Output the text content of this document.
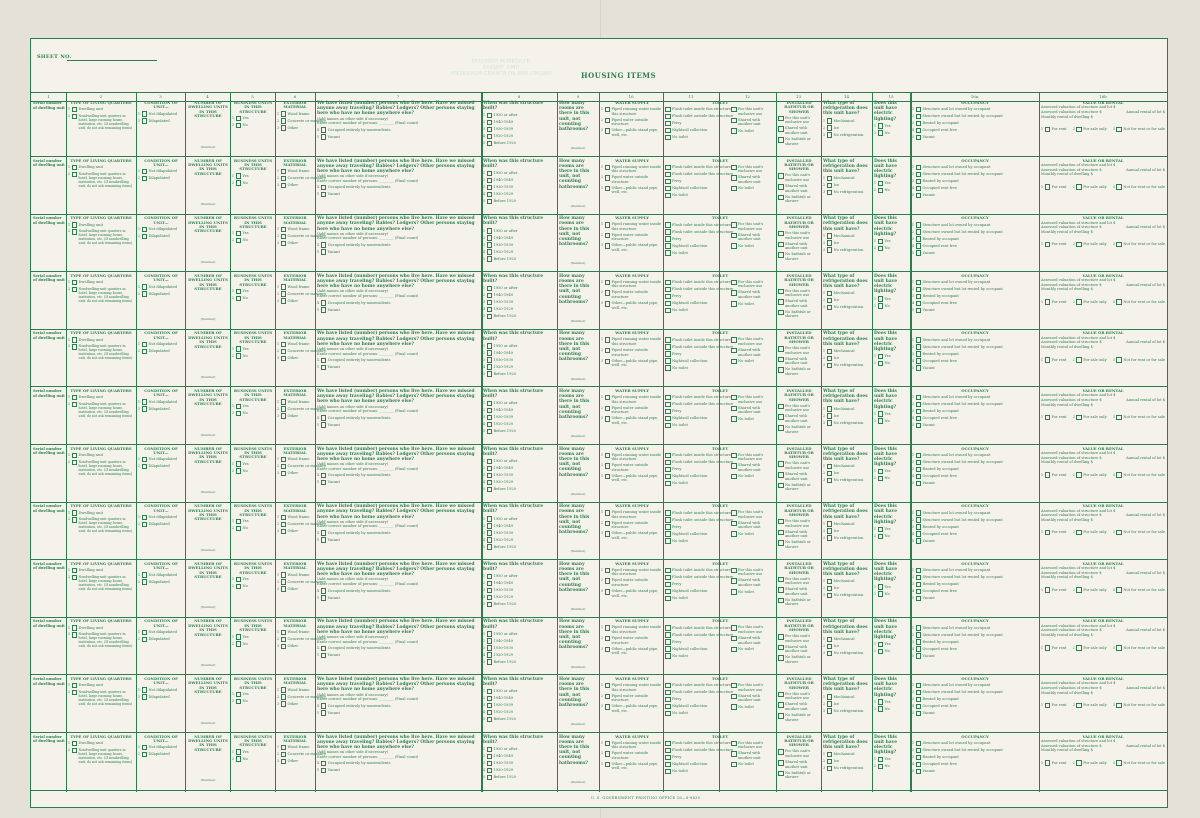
SHEET NO.
SIXTEENTH CENSUS OF THE UNITED STATES: 1940
HOUSING SCHEDULE
HOUSING ITEMS
1	2	3	4	5	6	7	8	9	10	11	12	13	14	15	16a	16b
Serial number of dwelling unit
TYPE OF LIVING QUARTERS
1 Dwelling unit
2	Nondwelling-unit quarters in hotel, large rooming house, institution, etc. (If nondwelling unit, do not ask remaining items)
CONDITION OF UNIT—
1 Not dilapidated
2 Dilapidated
NUMBER OF DWELLING UNITS IN THIS STRUCTURE
(Number)
BUSINESS UNITS IN THIS STRUCTURE
1 Yes
2 No
EXTERIOR MATERIAL
1 Wood frame
2 Concrete or masonry
3 Other
We have listed (number) persons who live here. Have we missed anyone away traveling? Babies? Lodgers? Other persons staying here who have no home anywhere else?
(Add names on other side if necessary)
Enter correct number of persons: ________ (Final count)
X Occupied entirely by nonresidents
Y Vacant
When was this structure built?
1 1950 or after
2 1940-1949
3 1930-1939
4 1920-1929
5 Before 1920
How many rooms are there in this unit, not counting bathrooms?
(Number)
WATER SUPPLY
1 Piped running water inside this structure
2 Piped water outside structure
3 Other—public stand pipe, well, etc.
TOILET
Flush toilet inside this structure
Flush toilet outside this structure
Privy
Nightsoil collection
No toilet
For this unit's exclusive use
Shared with another unit
No toilet
INSTALLED BATHTUB OR SHOWER
For this unit's exclusive use
Shared with another unit
No bathtub or shower
What type of refrigeration does this unit have?
1 Mechanical
2 Ice
3 No refrigeration
Does this unit have electric lighting?
1 Yes
2 No
OCCUPANCY
1 Structure and lot owned by occupant
2 Structure owned but lot rented by occupant
3 Rented by occupant
4 Occupied rent free
5 Vacant
VALUE OR RENTAL
Assessed valuation of structure and lot $
Assessed valuation of structure $	Annual rental of lot $
Monthly rental of dwelling $
1 For rent 2 For sale only 3 Not for rent or for sale
Serial number of dwelling unit
TYPE OF LIVING QUARTERS
1 Dwelling unit
2	Nondwelling-unit quarters in hotel, large rooming house, institution, etc. (If nondwelling unit, do not ask remaining items)
CONDITION OF UNIT—
1 Not dilapidated
2 Dilapidated
NUMBER OF DWELLING UNITS IN THIS STRUCTURE
(Number)
BUSINESS UNITS IN THIS STRUCTURE
1 Yes
2 No
EXTERIOR MATERIAL
1 Wood frame
2 Concrete or masonry
3 Other
We have listed (number) persons who live here. Have we missed anyone away traveling? Babies? Lodgers? Other persons staying here who have no home anywhere else?
(Add names on other side if necessary)
Enter correct number of persons: ________ (Final count)
X Occupied entirely by nonresidents
Y Vacant
When was this structure built?
1 1950 or after
2 1940-1949
3 1930-1939
4 1920-1929
5 Before 1920
How many rooms are there in this unit, not counting bathrooms?
(Number)
WATER SUPPLY
1 Piped running water inside this structure
2 Piped water outside structure
3 Other—public stand pipe, well, etc.
TOILET
Flush toilet inside this structure
Flush toilet outside this structure
Privy
Nightsoil collection
No toilet
For this unit's exclusive use
Shared with another unit
No toilet
INSTALLED BATHTUB OR SHOWER
For this unit's exclusive use
Shared with another unit
No bathtub or shower
What type of refrigeration does this unit have?
1 Mechanical
2 Ice
3 No refrigeration
Does this unit have electric lighting?
1 Yes
2 No
OCCUPANCY
1 Structure and lot owned by occupant
2 Structure owned but lot rented by occupant
3 Rented by occupant
4 Occupied rent free
5 Vacant
VALUE OR RENTAL
Assessed valuation of structure and lot $
Assessed valuation of structure $	Annual rental of lot $
Monthly rental of dwelling $
1 For rent 2 For sale only 3 Not for rent or for sale
Serial number of dwelling unit
TYPE OF LIVING QUARTERS
1 Dwelling unit
2	Nondwelling-unit quarters in hotel, large rooming house, institution, etc. (If nondwelling unit, do not ask remaining items)
CONDITION OF UNIT—
1 Not dilapidated
2 Dilapidated
NUMBER OF DWELLING UNITS IN THIS STRUCTURE
(Number)
BUSINESS UNITS IN THIS STRUCTURE
1 Yes
2 No
EXTERIOR MATERIAL
1 Wood frame
2 Concrete or masonry
3 Other
We have listed (number) persons who live here. Have we missed anyone away traveling? Babies? Lodgers? Other persons staying here who have no home anywhere else?
(Add names on other side if necessary)
Enter correct number of persons: ________ (Final count)
X Occupied entirely by nonresidents
Y Vacant
When was this structure built?
1 1950 or after
2 1940-1949
3 1930-1939
4 1920-1929
5 Before 1920
How many rooms are there in this unit, not counting bathrooms?
(Number)
WATER SUPPLY
1 Piped running water inside this structure
2 Piped water outside structure
3 Other—public stand pipe, well, etc.
TOILET
Flush toilet inside this structure
Flush toilet outside this structure
Privy
Nightsoil collection
No toilet
For this unit's exclusive use
Shared with another unit
No toilet
INSTALLED BATHTUB OR SHOWER
For this unit's exclusive use
Shared with another unit
No bathtub or shower
What type of refrigeration does this unit have?
1 Mechanical
2 Ice
3 No refrigeration
Does this unit have electric lighting?
1 Yes
2 No
OCCUPANCY
1 Structure and lot owned by occupant
2 Structure owned but lot rented by occupant
3 Rented by occupant
4 Occupied rent free
5 Vacant
VALUE OR RENTAL
Assessed valuation of structure and lot $
Assessed valuation of structure $	Annual rental of lot $
Monthly rental of dwelling $
1 For rent 2 For sale only 3 Not for rent or for sale
Serial number of dwelling unit
TYPE OF LIVING QUARTERS
1 Dwelling unit
2	Nondwelling-unit quarters in hotel, large rooming house, institution, etc. (If nondwelling unit, do not ask remaining items)
CONDITION OF UNIT—
1 Not dilapidated
2 Dilapidated
NUMBER OF DWELLING UNITS IN THIS STRUCTURE
(Number)
BUSINESS UNITS IN THIS STRUCTURE
1 Yes
2 No
EXTERIOR MATERIAL
1 Wood frame
2 Concrete or masonry
3 Other
We have listed (number) persons who live here. Have we missed anyone away traveling? Babies? Lodgers? Other persons staying here who have no home anywhere else?
(Add names on other side if necessary)
Enter correct number of persons: ________ (Final count)
X Occupied entirely by nonresidents
Y Vacant
When was this structure built?
1 1950 or after
2 1940-1949
3 1930-1939
4 1920-1929
5 Before 1920
How many rooms are there in this unit, not counting bathrooms?
(Number)
WATER SUPPLY
1 Piped running water inside this structure
2 Piped water outside structure
3 Other—public stand pipe, well, etc.
TOILET
Flush toilet inside this structure
Flush toilet outside this structure
Privy
Nightsoil collection
No toilet
For this unit's exclusive use
Shared with another unit
No toilet
INSTALLED BATHTUB OR SHOWER
For this unit's exclusive use
Shared with another unit
No bathtub or shower
What type of refrigeration does this unit have?
1 Mechanical
2 Ice
3 No refrigeration
Does this unit have electric lighting?
1 Yes
2 No
OCCUPANCY
1 Structure and lot owned by occupant
2 Structure owned but lot rented by occupant
3 Rented by occupant
4 Occupied rent free
5 Vacant
VALUE OR RENTAL
Assessed valuation of structure and lot $
Assessed valuation of structure $	Annual rental of lot $
Monthly rental of dwelling $
1 For rent 2 For sale only 3 Not for rent or for sale
Serial number of dwelling unit
TYPE OF LIVING QUARTERS
1 Dwelling unit
2	Nondwelling-unit quarters in hotel, large rooming house, institution, etc. (If nondwelling unit, do not ask remaining items)
CONDITION OF UNIT—
1 Not dilapidated
2 Dilapidated
NUMBER OF DWELLING UNITS IN THIS STRUCTURE
(Number)
BUSINESS UNITS IN THIS STRUCTURE
1 Yes
2 No
EXTERIOR MATERIAL
1 Wood frame
2 Concrete or masonry
3 Other
We have listed (number) persons who live here. Have we missed anyone away traveling? Babies? Lodgers? Other persons staying here who have no home anywhere else?
(Add names on other side if necessary)
Enter correct number of persons: ________ (Final count)
X Occupied entirely by nonresidents
Y Vacant
When was this structure built?
1 1950 or after
2 1940-1949
3 1930-1939
4 1920-1929
5 Before 1920
How many rooms are there in this unit, not counting bathrooms?
(Number)
WATER SUPPLY
1 Piped running water inside this structure
2 Piped water outside structure
3 Other—public stand pipe, well, etc.
TOILET
Flush toilet inside this structure
Flush toilet outside this structure
Privy
Nightsoil collection
No toilet
For this unit's exclusive use
Shared with another unit
No toilet
INSTALLED BATHTUB OR SHOWER
For this unit's exclusive use
Shared with another unit
No bathtub or shower
What type of refrigeration does this unit have?
1 Mechanical
2 Ice
3 No refrigeration
Does this unit have electric lighting?
1 Yes
2 No
OCCUPANCY
1 Structure and lot owned by occupant
2 Structure owned but lot rented by occupant
3 Rented by occupant
4 Occupied rent free
5 Vacant
VALUE OR RENTAL
Assessed valuation of structure and lot $
Assessed valuation of structure $	Annual rental of lot $
Monthly rental of dwelling $
1 For rent 2 For sale only 3 Not for rent or for sale
Serial number of dwelling unit
TYPE OF LIVING QUARTERS
1 Dwelling unit
2	Nondwelling-unit quarters in hotel, large rooming house, institution, etc. (If nondwelling unit, do not ask remaining items)
CONDITION OF UNIT—
1 Not dilapidated
2 Dilapidated
NUMBER OF DWELLING UNITS IN THIS STRUCTURE
(Number)
BUSINESS UNITS IN THIS STRUCTURE
1 Yes
2 No
EXTERIOR MATERIAL
1 Wood frame
2 Concrete or masonry
3 Other
We have listed (number) persons who live here. Have we missed anyone away traveling? Babies? Lodgers? Other persons staying here who have no home anywhere else?
(Add names on other side if necessary)
Enter correct number of persons: ________ (Final count)
X Occupied entirely by nonresidents
Y Vacant
When was this structure built?
1 1950 or after
2 1940-1949
3 1930-1939
4 1920-1929
5 Before 1920
How many rooms are there in this unit, not counting bathrooms?
(Number)
WATER SUPPLY
1 Piped running water inside this structure
2 Piped water outside structure
3 Other—public stand pipe, well, etc.
TOILET
Flush toilet inside this structure
Flush toilet outside this structure
Privy
Nightsoil collection
No toilet
For this unit's exclusive use
Shared with another unit
No toilet
INSTALLED BATHTUB OR SHOWER
For this unit's exclusive use
Shared with another unit
No bathtub or shower
What type of refrigeration does this unit have?
1 Mechanical
2 Ice
3 No refrigeration
Does this unit have electric lighting?
1 Yes
2 No
OCCUPANCY
1 Structure and lot owned by occupant
2 Structure owned but lot rented by occupant
3 Rented by occupant
4 Occupied rent free
5 Vacant
VALUE OR RENTAL
Assessed valuation of structure and lot $
Assessed valuation of structure $	Annual rental of lot $
Monthly rental of dwelling $
1 For rent 2 For sale only 3 Not for rent or for sale
Serial number of dwelling unit
TYPE OF LIVING QUARTERS
1 Dwelling unit
2	Nondwelling-unit quarters in hotel, large rooming house, institution, etc. (If nondwelling unit, do not ask remaining items)
CONDITION OF UNIT—
1 Not dilapidated
2 Dilapidated
NUMBER OF DWELLING UNITS IN THIS STRUCTURE
(Number)
BUSINESS UNITS IN THIS STRUCTURE
1 Yes
2 No
EXTERIOR MATERIAL
1 Wood frame
2 Concrete or masonry
3 Other
We have listed (number) persons who live here. Have we missed anyone away traveling? Babies? Lodgers? Other persons staying here who have no home anywhere else?
(Add names on other side if necessary)
Enter correct number of persons: ________ (Final count)
X Occupied entirely by nonresidents
Y Vacant
When was this structure built?
1 1950 or after
2 1940-1949
3 1930-1939
4 1920-1929
5 Before 1920
How many rooms are there in this unit, not counting bathrooms?
(Number)
WATER SUPPLY
1 Piped running water inside this structure
2 Piped water outside structure
3 Other—public stand pipe, well, etc.
TOILET
Flush toilet inside this structure
Flush toilet outside this structure
Privy
Nightsoil collection
No toilet
For this unit's exclusive use
Shared with another unit
No toilet
INSTALLED BATHTUB OR SHOWER
For this unit's exclusive use
Shared with another unit
No bathtub or shower
What type of refrigeration does this unit have?
1 Mechanical
2 Ice
3 No refrigeration
Does this unit have electric lighting?
1 Yes
2 No
OCCUPANCY
1 Structure and lot owned by occupant
2 Structure owned but lot rented by occupant
3 Rented by occupant
4 Occupied rent free
5 Vacant
VALUE OR RENTAL
Assessed valuation of structure and lot $
Assessed valuation of structure $	Annual rental of lot $
Monthly rental of dwelling $
1 For rent 2 For sale only 3 Not for rent or for sale
Serial number of dwelling unit
TYPE OF LIVING QUARTERS
1 Dwelling unit
2	Nondwelling-unit quarters in hotel, large rooming house, institution, etc. (If nondwelling unit, do not ask remaining items)
CONDITION OF UNIT—
1 Not dilapidated
2 Dilapidated
NUMBER OF DWELLING UNITS IN THIS STRUCTURE
(Number)
BUSINESS UNITS IN THIS STRUCTURE
1 Yes
2 No
EXTERIOR MATERIAL
1 Wood frame
2 Concrete or masonry
3 Other
We have listed (number) persons who live here. Have we missed anyone away traveling? Babies? Lodgers? Other persons staying here who have no home anywhere else?
(Add names on other side if necessary)
Enter correct number of persons: ________ (Final count)
X Occupied entirely by nonresidents
Y Vacant
When was this structure built?
1 1950 or after
2 1940-1949
3 1930-1939
4 1920-1929
5 Before 1920
How many rooms are there in this unit, not counting bathrooms?
(Number)
WATER SUPPLY
1 Piped running water inside this structure
2 Piped water outside structure
3 Other—public stand pipe, well, etc.
TOILET
Flush toilet inside this structure
Flush toilet outside this structure
Privy
Nightsoil collection
No toilet
For this unit's exclusive use
Shared with another unit
No toilet
INSTALLED BATHTUB OR SHOWER
For this unit's exclusive use
Shared with another unit
No bathtub or shower
What type of refrigeration does this unit have?
1 Mechanical
2 Ice
3 No refrigeration
Does this unit have electric lighting?
1 Yes
2 No
OCCUPANCY
1 Structure and lot owned by occupant
2 Structure owned but lot rented by occupant
3 Rented by occupant
4 Occupied rent free
5 Vacant
VALUE OR RENTAL
Assessed valuation of structure and lot $
Assessed valuation of structure $	Annual rental of lot $
Monthly rental of dwelling $
1 For rent 2 For sale only 3 Not for rent or for sale
Serial number of dwelling unit
TYPE OF LIVING QUARTERS
1 Dwelling unit
2	Nondwelling-unit quarters in hotel, large rooming house, institution, etc. (If nondwelling unit, do not ask remaining items)
CONDITION OF UNIT—
1 Not dilapidated
2 Dilapidated
NUMBER OF DWELLING UNITS IN THIS STRUCTURE
(Number)
BUSINESS UNITS IN THIS STRUCTURE
1 Yes
2 No
EXTERIOR MATERIAL
1 Wood frame
2 Concrete or masonry
3 Other
We have listed (number) persons who live here. Have we missed anyone away traveling? Babies? Lodgers? Other persons staying here who have no home anywhere else?
(Add names on other side if necessary)
Enter correct number of persons: ________ (Final count)
X Occupied entirely by nonresidents
Y Vacant
When was this structure built?
1 1950 or after
2 1940-1949
3 1930-1939
4 1920-1929
5 Before 1920
How many rooms are there in this unit, not counting bathrooms?
(Number)
WATER SUPPLY
1 Piped running water inside this structure
2 Piped water outside structure
3 Other—public stand pipe, well, etc.
TOILET
Flush toilet inside this structure
Flush toilet outside this structure
Privy
Nightsoil collection
No toilet
For this unit's exclusive use
Shared with another unit
No toilet
INSTALLED BATHTUB OR SHOWER
For this unit's exclusive use
Shared with another unit
No bathtub or shower
What type of refrigeration does this unit have?
1 Mechanical
2 Ice
3 No refrigeration
Does this unit have electric lighting?
1 Yes
2 No
OCCUPANCY
1 Structure and lot owned by occupant
2 Structure owned but lot rented by occupant
3 Rented by occupant
4 Occupied rent free
5 Vacant
VALUE OR RENTAL
Assessed valuation of structure and lot $
Assessed valuation of structure $	Annual rental of lot $
Monthly rental of dwelling $
1 For rent 2 For sale only 3 Not for rent or for sale
Serial number of dwelling unit
TYPE OF LIVING QUARTERS
1 Dwelling unit
2	Nondwelling-unit quarters in hotel, large rooming house, institution, etc. (If nondwelling unit, do not ask remaining items)
CONDITION OF UNIT—
1 Not dilapidated
2 Dilapidated
NUMBER OF DWELLING UNITS IN THIS STRUCTURE
(Number)
BUSINESS UNITS IN THIS STRUCTURE
1 Yes
2 No
EXTERIOR MATERIAL
1 Wood frame
2 Concrete or masonry
3 Other
We have listed (number) persons who live here. Have we missed anyone away traveling? Babies? Lodgers? Other persons staying here who have no home anywhere else?
(Add names on other side if necessary)
Enter correct number of persons: ________ (Final count)
X Occupied entirely by nonresidents
Y Vacant
When was this structure built?
1 1950 or after
2 1940-1949
3 1930-1939
4 1920-1929
5 Before 1920
How many rooms are there in this unit, not counting bathrooms?
(Number)
WATER SUPPLY
1 Piped running water inside this structure
2 Piped water outside structure
3 Other—public stand pipe, well, etc.
TOILET
Flush toilet inside this structure
Flush toilet outside this structure
Privy
Nightsoil collection
No toilet
For this unit's exclusive use
Shared with another unit
No toilet
INSTALLED BATHTUB OR SHOWER
For this unit's exclusive use
Shared with another unit
No bathtub or shower
What type of refrigeration does this unit have?
1 Mechanical
2 Ice
3 No refrigeration
Does this unit have electric lighting?
1 Yes
2 No
OCCUPANCY
1 Structure and lot owned by occupant
2 Structure owned but lot rented by occupant
3 Rented by occupant
4 Occupied rent free
5 Vacant
VALUE OR RENTAL
Assessed valuation of structure and lot $
Assessed valuation of structure $	Annual rental of lot $
Monthly rental of dwelling $
1 For rent 2 For sale only 3 Not for rent or for sale
Serial number of dwelling unit
TYPE OF LIVING QUARTERS
1 Dwelling unit
2	Nondwelling-unit quarters in hotel, large rooming house, institution, etc. (If nondwelling unit, do not ask remaining items)
CONDITION OF UNIT—
1 Not dilapidated
2 Dilapidated
NUMBER OF DWELLING UNITS IN THIS STRUCTURE
(Number)
BUSINESS UNITS IN THIS STRUCTURE
1 Yes
2 No
EXTERIOR MATERIAL
1 Wood frame
2 Concrete or masonry
3 Other
We have listed (number) persons who live here. Have we missed anyone away traveling? Babies? Lodgers? Other persons staying here who have no home anywhere else?
(Add names on other side if necessary)
Enter correct number of persons: ________ (Final count)
X Occupied entirely by nonresidents
Y Vacant
When was this structure built?
1 1950 or after
2 1940-1949
3 1930-1939
4 1920-1929
5 Before 1920
How many rooms are there in this unit, not counting bathrooms?
(Number)
WATER SUPPLY
1 Piped running water inside this structure
2 Piped water outside structure
3 Other—public stand pipe, well, etc.
TOILET
Flush toilet inside this structure
Flush toilet outside this structure
Privy
Nightsoil collection
No toilet
For this unit's exclusive use
Shared with another unit
No toilet
INSTALLED BATHTUB OR SHOWER
For this unit's exclusive use
Shared with another unit
No bathtub or shower
What type of refrigeration does this unit have?
1 Mechanical
2 Ice
3 No refrigeration
Does this unit have electric lighting?
1 Yes
2 No
OCCUPANCY
1 Structure and lot owned by occupant
2 Structure owned but lot rented by occupant
3 Rented by occupant
4 Occupied rent free
5 Vacant
VALUE OR RENTAL
Assessed valuation of structure and lot $
Assessed valuation of structure $	Annual rental of lot $
Monthly rental of dwelling $
1 For rent 2 For sale only 3 Not for rent or for sale
Serial number of dwelling unit
TYPE OF LIVING QUARTERS
1 Dwelling unit
2	Nondwelling-unit quarters in hotel, large rooming house, institution, etc. (If nondwelling unit, do not ask remaining items)
CONDITION OF UNIT—
1 Not dilapidated
2 Dilapidated
NUMBER OF DWELLING UNITS IN THIS STRUCTURE
(Number)
BUSINESS UNITS IN THIS STRUCTURE
1 Yes
2 No
EXTERIOR MATERIAL
1 Wood frame
2 Concrete or masonry
3 Other
We have listed (number) persons who live here. Have we missed anyone away traveling? Babies? Lodgers? Other persons staying here who have no home anywhere else?
(Add names on other side if necessary)
Enter correct number of persons: ________ (Final count)
X Occupied entirely by nonresidents
Y Vacant
When was this structure built?
1 1950 or after
2 1940-1949
3 1930-1939
4 1920-1929
5 Before 1920
How many rooms are there in this unit, not counting bathrooms?
(Number)
WATER SUPPLY
1 Piped running water inside this structure
2 Piped water outside structure
3 Other—public stand pipe, well, etc.
TOILET
Flush toilet inside this structure
Flush toilet outside this structure
Privy
Nightsoil collection
No toilet
For this unit's exclusive use
Shared with another unit
No toilet
INSTALLED BATHTUB OR SHOWER
For this unit's exclusive use
Shared with another unit
No bathtub or shower
What type of refrigeration does this unit have?
1 Mechanical
2 Ice
3 No refrigeration
Does this unit have electric lighting?
1 Yes
2 No
OCCUPANCY
1 Structure and lot owned by occupant
2 Structure owned but lot rented by occupant
3 Rented by occupant
4 Occupied rent free
5 Vacant
VALUE OR RENTAL
Assessed valuation of structure and lot $
Assessed valuation of structure $	Annual rental of lot $
Monthly rental of dwelling $
1 For rent 2 For sale only 3 Not for rent or for sale
U. S. GOVERNMENT PRINTING OFFICE 16—8-8835
